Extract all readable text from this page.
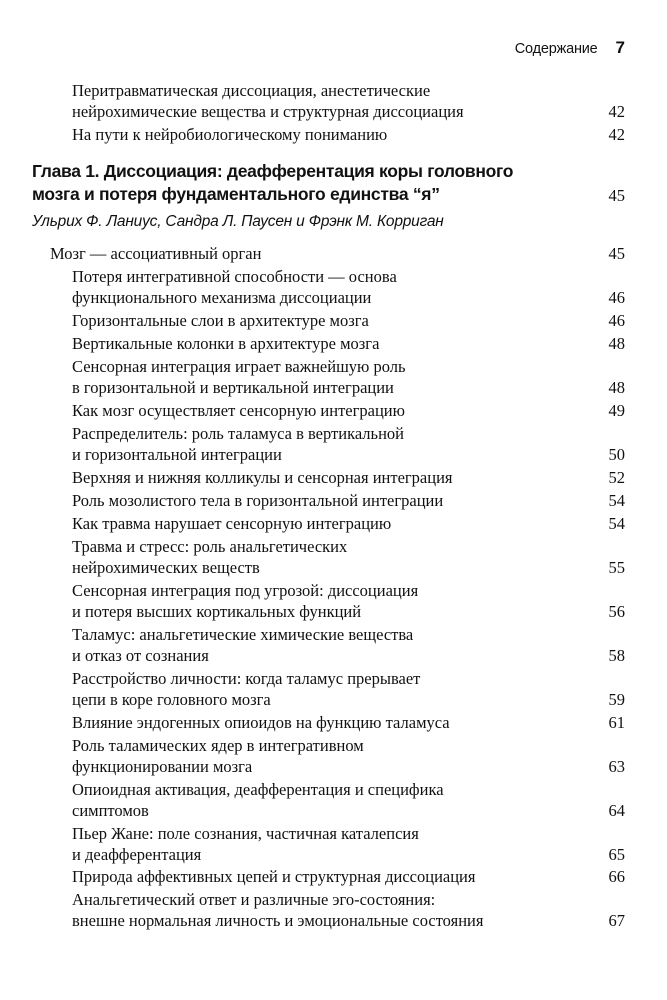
Содержание 7
Перитравматическая диссоциация, анестетические
нейрохимические вещества и структурная диссоциация	42
На пути к нейробиологическому пониманию	42
Глава 1. Диссоциация: деафферентация коры головного
мозга и потеря фундаментального единства “я”	45
Ульрих Ф. Ланиус, Сандра Л. Паусен и Фрэнк М. Корриган
Мозг — ассоциативный орган	45
Потеря интегративной способности — основа
функционального механизма диссоциации	46
Горизонтальные слои в архитектуре мозга	46
Вертикальные колонки в архитектуре мозга	48
Сенсорная интеграция играет важнейшую роль
в горизонтальной и вертикальной интеграции	48
Как мозг осуществляет сенсорную интеграцию	49
Распределитель: роль таламуса в вертикальной
и горизонтальной интеграции	50
Верхняя и нижняя колликулы и сенсорная интеграция	52
Роль мозолистого тела в горизонтальной интеграции	54
Как травма нарушает сенсорную интеграцию	54
Травма и стресс: роль анальгетических
нейрохимических веществ	55
Сенсорная интеграция под угрозой: диссоциация
и потеря высших кортикальных функций	56
Таламус: анальгетические химические вещества
и отказ от сознания	58
Расстройство личности: когда таламус прерывает
цепи в коре головного мозга	59
Влияние эндогенных опиоидов на функцию таламуса	61
Роль таламических ядер в интегративном
функционировании мозга	63
Опиоидная активация, деафферентация и специфика
симптомов	64
Пьер Жане: поле сознания, частичная каталепсия
и деафферентация	65
Природа аффективных цепей и структурная диссоциация	66
Анальгетический ответ и различные эго-состояния:
внешне нормальная личность и эмоциональные состояния	67
